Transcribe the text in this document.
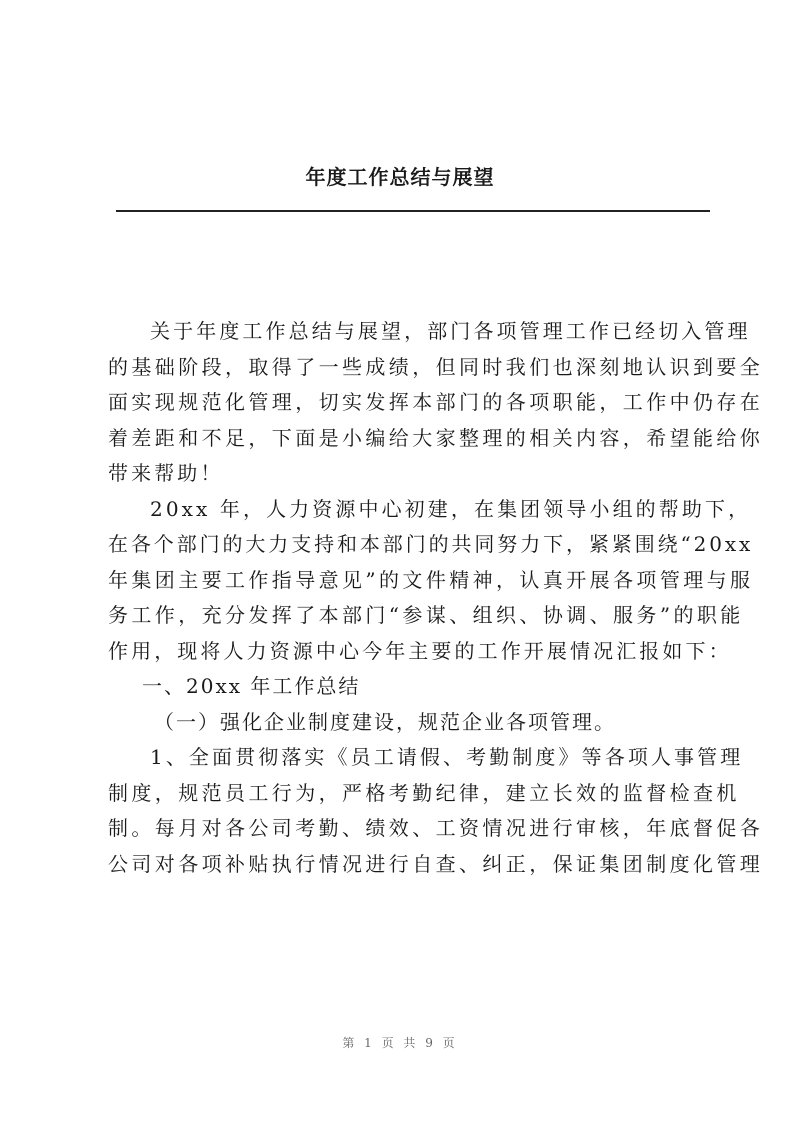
年度工作总结与展望
关于年度工作总结与展望，部门各项管理工作已经切入管理
的基础阶段，取得了一些成绩，但同时我们也深刻地认识到要全
面实现规范化管理，切实发挥本部门的各项职能，工作中仍存在
着差距和不足，下面是小编给大家整理的相关内容，希望能给你
带来帮助！
20xx 年，人力资源中心初建，在集团领导小组的帮助下，
在各个部门的大力支持和本部门的共同努力下，紧紧围绕“20xx
年集团主要工作指导意见”的文件精神，认真开展各项管理与服
务工作，充分发挥了本部门“参谋、组织、协调、服务”的职能
作用，现将人力资源中心今年主要的工作开展情况汇报如下：
一、20xx 年工作总结
（一）强化企业制度建设，规范企业各项管理。
1、全面贯彻落实《员工请假、考勤制度》等各项人事管理
制度，规范员工行为，严格考勤纪律，建立长效的监督检查机
制。每月对各公司考勤、绩效、工资情况进行审核，年底督促各
公司对各项补贴执行情况进行自查、纠正，保证集团制度化管理
第 1 页 共 9 页
